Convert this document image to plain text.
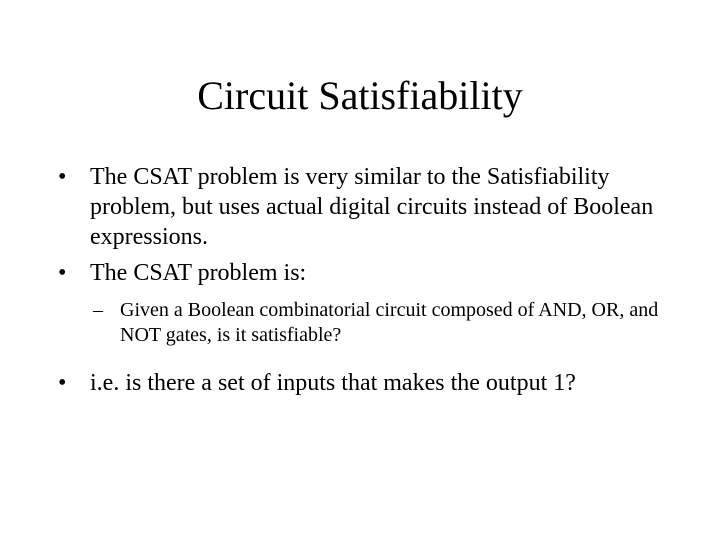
Circuit Satisfiability
• The CSAT problem is very similar to the Satisfiability problem, but uses actual digital circuits instead of Boolean expressions.
• The CSAT problem is:
– Given a Boolean combinatorial circuit composed of AND, OR, and NOT gates, is it satisfiable?
• i.e. is there a set of inputs that makes the output 1?
